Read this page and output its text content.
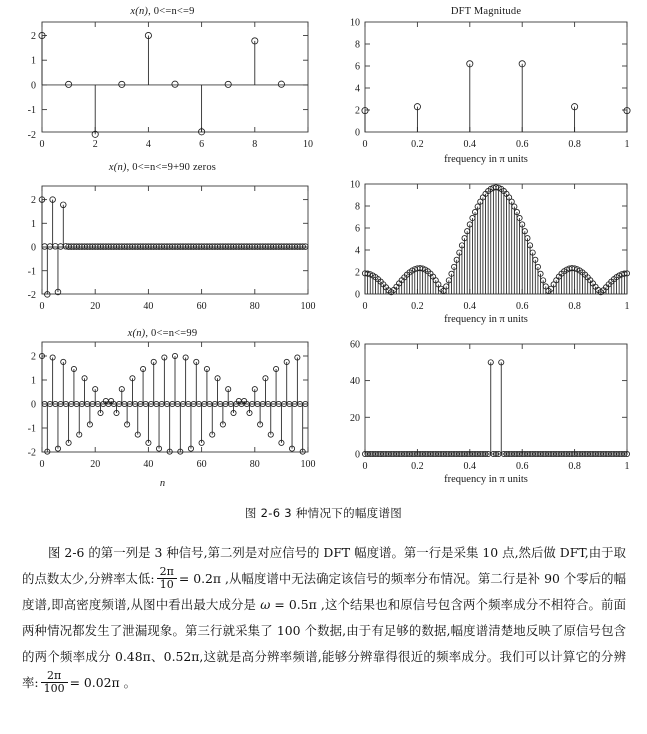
x(n), 0<=n<=9
2
1
0
-1
-2
0	2	4	6	8	10
DFT Magnitude
0
2
4
6
8
10
0	0.2	0.4	0.6	0.8	1
frequency in π units
x(n), 0<=n<=9+90 zeros
2
1
0
-1
-2
0	20	40	60	80	100
0
2
4
6
8
10
0	0.2	0.4	0.6	0.8	1
frequency in π units
x(n), 0<=n<=99
2
1
0
-1
-2
0	20	40	60	80	100
n
0
20
40
60
0	0.2	0.4	0.6	0.8	1
frequency in π units
图 2-6 3 种情况下的幅度谱图

图 2-6 的第一列是 3 种信号,第二列是对应信号的 DFT 幅度谱。第一行是采集 10 点,然后做 DFT,由于取的点数太少,分辨率太低: $\frac{2\pi}{10} = 0.2\pi$ ,从幅度谱中无法确定该信号的频率分布情况。第二行是补 90 个零后的幅度谱,即高密度频谱,从图中看出最大成分是 ω = 0.5π ,这个结果也和原信号包含两个频率成分不相符合。前面两种情况都发生了泄漏现象。第三行就采集了 100 个数据,由于有足够的数据,幅度谱清楚地反映了原信号包含的两个频率成分 0.48π、0.52π,这就是高分辨率频谱,能够分辨靠得很近的频率成分。我们可以计算它的分辨率: $\frac{2\pi}{100} = 0.02\pi$ 。
